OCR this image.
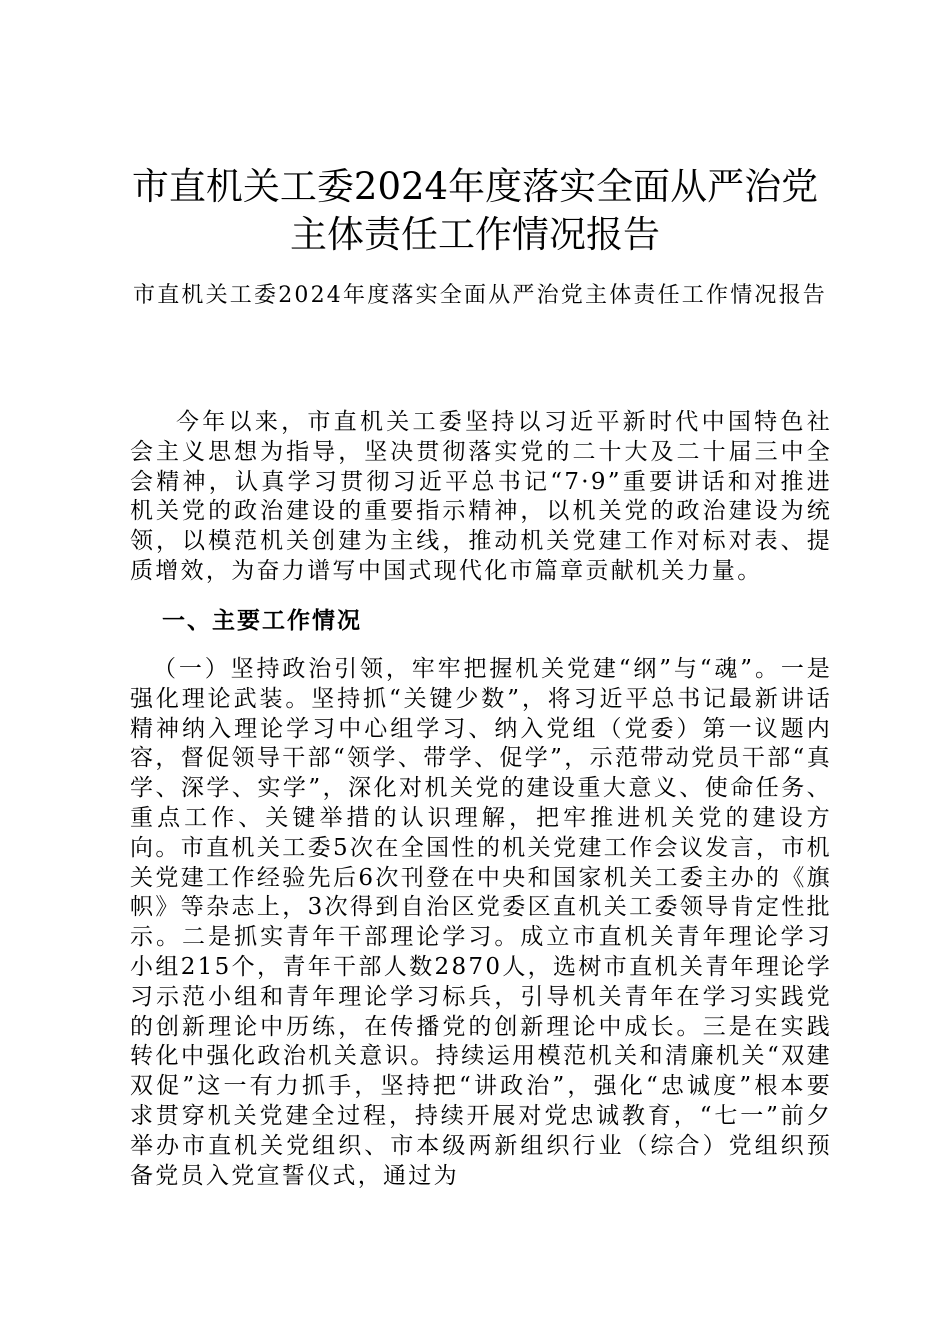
市直机关工委2024年度落实全面从严治党主体责任工作情况报告

市直机关工委2024年度落实全面从严治党主体责任工作情况报告

今年以来，市直机关工委坚持以习近平新时代中国特色社会主义思想为指导，坚决贯彻落实党的二十大及二十届三中全会精神，认真学习贯彻习近平总书记“7·9”重要讲话和对推进机关党的政治建设的重要指示精神，以机关党的政治建设为统领，以模范机关创建为主线，推动机关党建工作对标对表、提质增效，为奋力谱写中国式现代化市篇章贡献机关力量。

一、主要工作情况

（一）坚持政治引领，牢牢把握机关党建“纲”与“魂”。一是强化理论武装。坚持抓“关键少数”，将习近平总书记最新讲话精神纳入理论学习中心组学习、纳入党组（党委）第一议题内容，督促领导干部“领学、带学、促学”，示范带动党员干部“真学、深学、实学”，深化对机关党的建设重大意义、使命任务、重点工作、关键举措的认识理解，把牢推进机关党的建设方向。市直机关工委5次在全国性的机关党建工作会议发言，市机关党建工作经验先后6次刊登在中央和国家机关工委主办的《旗帜》等杂志上，3次得到自治区党委区直机关工委领导肯定性批示。二是抓实青年干部理论学习。成立市直机关青年理论学习小组215个，青年干部人数2870人，选树市直机关青年理论学习示范小组和青年理论学习标兵，引导机关青年在学习实践党的创新理论中历练，在传播党的创新理论中成长。三是在实践转化中强化政治机关意识。持续运用模范机关和清廉机关“双建双促”这一有力抓手，坚持把“讲政治”，强化“忠诚度”根本要求贯穿机关党建全过程，持续开展对党忠诚教育，“七一”前夕举办市直机关党组织、市本级两新组织行业（综合）党组织预备党员入党宣誓仪式，通过为
